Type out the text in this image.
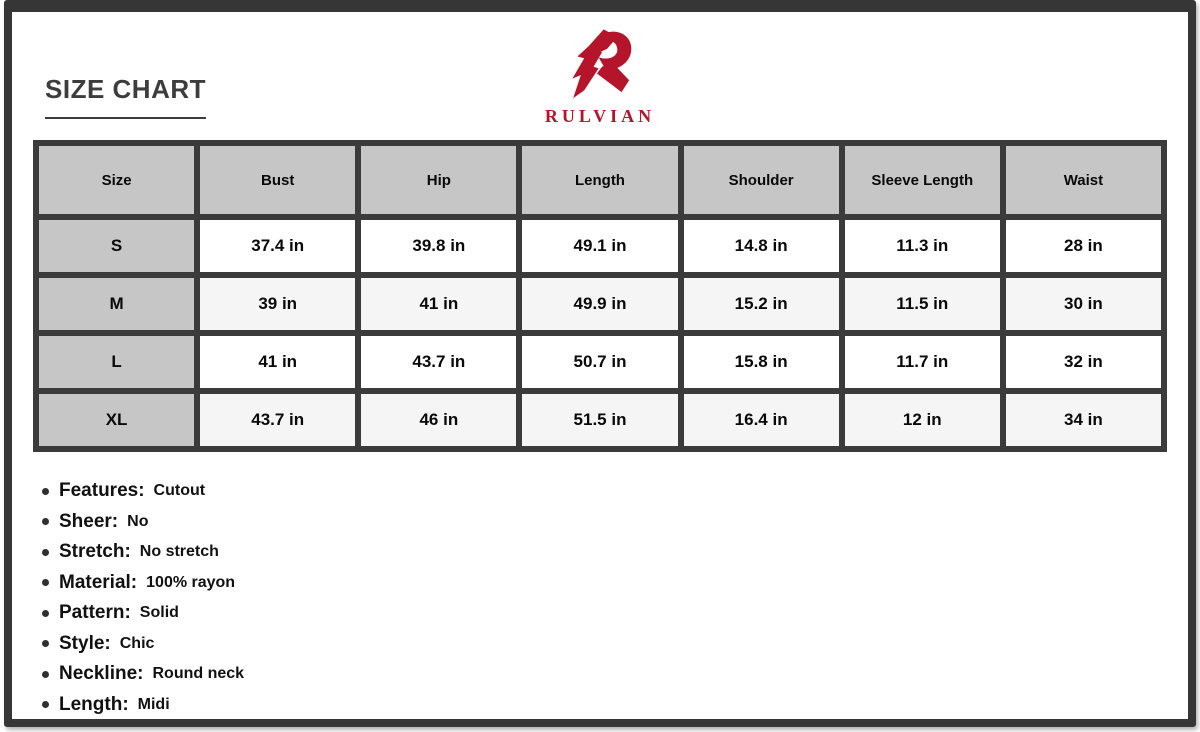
SIZE CHART
RULVIAN
Size	Bust	Hip	Length	Shoulder	Sleeve Length	Waist
S	37.4 in	39.8 in	49.1 in	14.8 in	11.3 in	28 in
M	39 in	41 in	49.9 in	15.2 in	11.5 in	30 in
L	41 in	43.7 in	50.7 in	15.8 in	11.7 in	32 in
XL	43.7 in	46 in	51.5 in	16.4 in	12 in	34 in
Features: Cutout
Sheer: No
Stretch: No stretch
Material: 100% rayon
Pattern: Solid
Style: Chic
Neckline: Round neck
Length: Midi
